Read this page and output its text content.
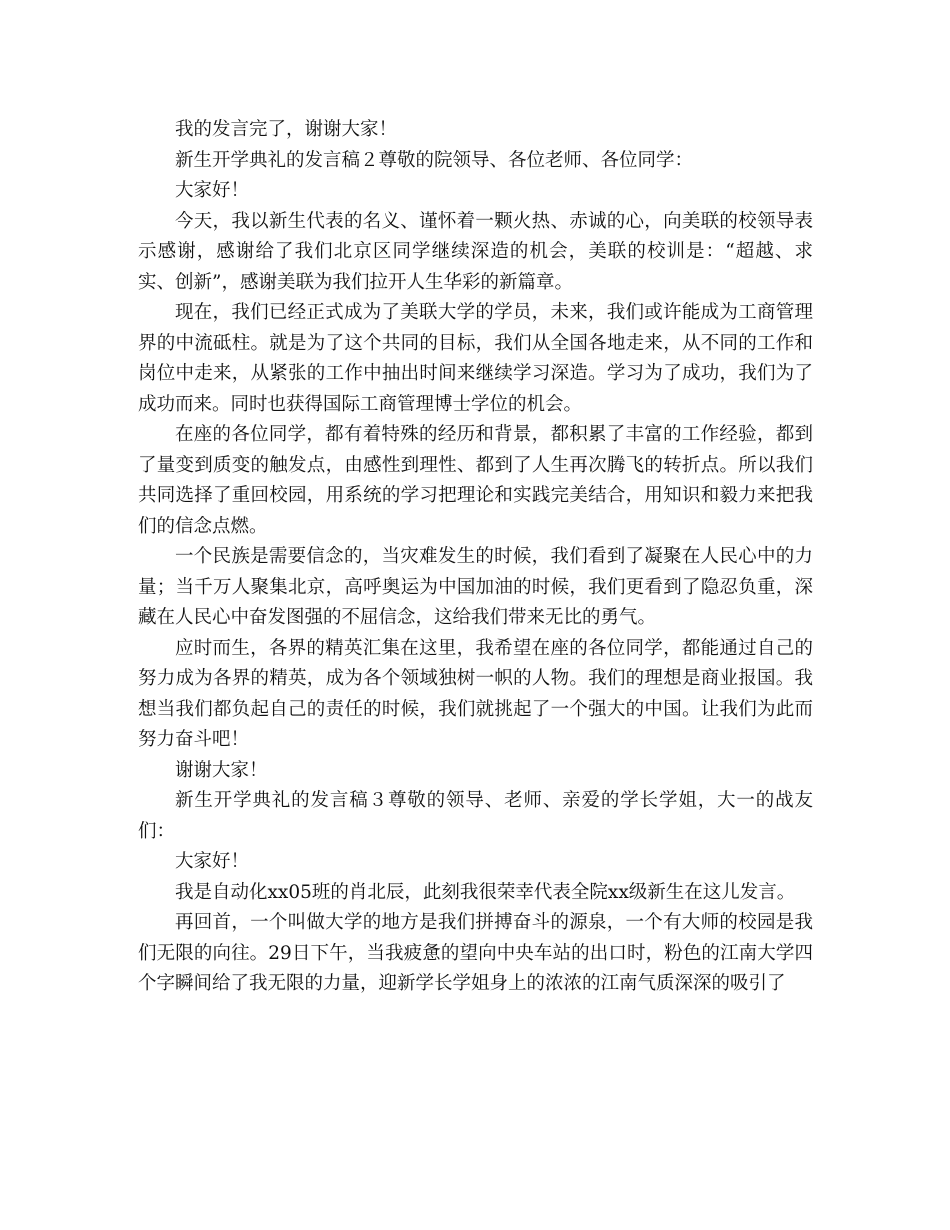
我的发言完了，谢谢大家！

新生开学典礼的发言稿２尊敬的院领导、各位老师、各位同学：

大家好！

今天，我以新生代表的名义、谨怀着一颗火热、赤诚的心，向美联的校领导表示感谢，感谢给了我们北京区同学继续深造的机会，美联的校训是：“超越、求实、创新”，感谢美联为我们拉开人生华彩的新篇章。

现在，我们已经正式成为了美联大学的学员，未来，我们或许能成为工商管理界的中流砥柱。就是为了这个共同的目标，我们从全国各地走来，从不同的工作和岗位中走来，从紧张的工作中抽出时间来继续学习深造。学习为了成功，我们为了成功而来。同时也获得国际工商管理博士学位的机会。

在座的各位同学，都有着特殊的经历和背景，都积累了丰富的工作经验，都到了量变到质变的触发点，由感性到理性、都到了人生再次腾飞的转折点。所以我们共同选择了重回校园，用系统的学习把理论和实践完美结合，用知识和毅力来把我们的信念点燃。

一个民族是需要信念的，当灾难发生的时候，我们看到了凝聚在人民心中的力量；当千万人聚集北京，高呼奥运为中国加油的时候，我们更看到了隐忍负重，深藏在人民心中奋发图强的不屈信念，这给我们带来无比的勇气。

应时而生，各界的精英汇集在这里，我希望在座的各位同学，都能通过自己的努力成为各界的精英，成为各个领域独树一帜的人物。我们的理想是商业报国。我想当我们都负起自己的责任的时候，我们就挑起了一个强大的中国。让我们为此而努力奋斗吧！

谢谢大家！

新生开学典礼的发言稿３尊敬的领导、老师、亲爱的学长学姐，大一的战友们：

大家好！

我是自动化xx05班的肖北辰，此刻我很荣幸代表全院xx级新生在这儿发言。

再回首，一个叫做大学的地方是我们拼搏奋斗的源泉，一个有大师的校园是我们无限的向往。29日下午，当我疲惫的望向中央车站的出口时，粉色的江南大学四个字瞬间给了我无限的力量，迎新学长学姐身上的浓浓的江南气质深深的吸引了
